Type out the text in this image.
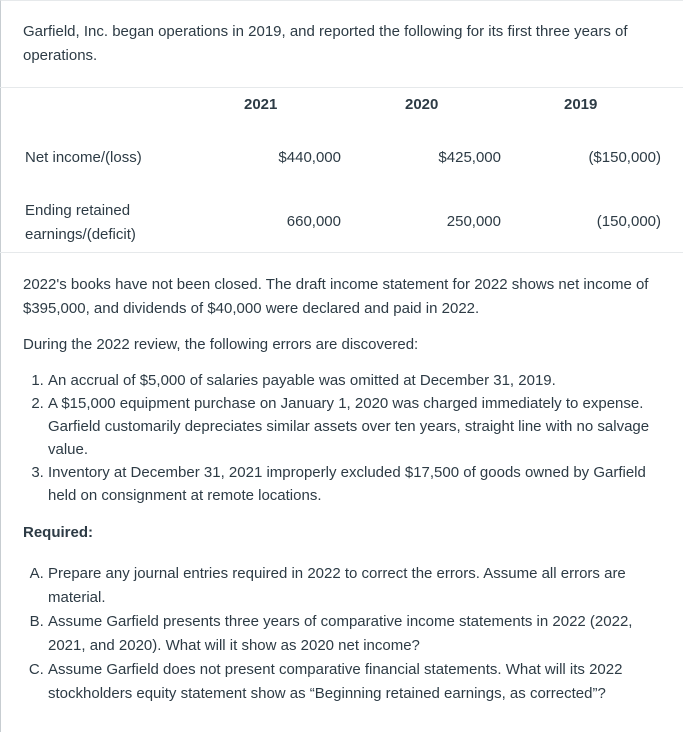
Garfield, Inc. began operations in 2019, and reported the following for its first three years of operations.

2021	2020	2019
Net income/(loss)	$440,000	$425,000	($150,000)
Ending retained
earnings/(deficit)
660,000	250,000	(150,000)

2022's books have not been closed. The draft income statement for 2022 shows net income of $395,000, and dividends of $40,000 were declared and paid in 2022.

During the 2022 review, the following errors are discovered:

1. An accrual of $5,000 of salaries payable was omitted at December 31, 2019.
2. A $15,000 equipment purchase on January 1, 2020 was charged immediately to expense. Garfield customarily depreciates similar assets over ten years, straight line with no salvage value.
3. Inventory at December 31, 2021 improperly excluded $17,500 of goods owned by Garfield held on consignment at remote locations.
Required:
A. Prepare any journal entries required in 2022 to correct the errors. Assume all errors are material.
B. Assume Garfield presents three years of comparative income statements in 2022 (2022, 2021, and 2020). What will it show as 2020 net income?
C. Assume Garfield does not present comparative financial statements. What will its 2022 stockholders equity statement show as “Beginning retained earnings, as corrected”?
